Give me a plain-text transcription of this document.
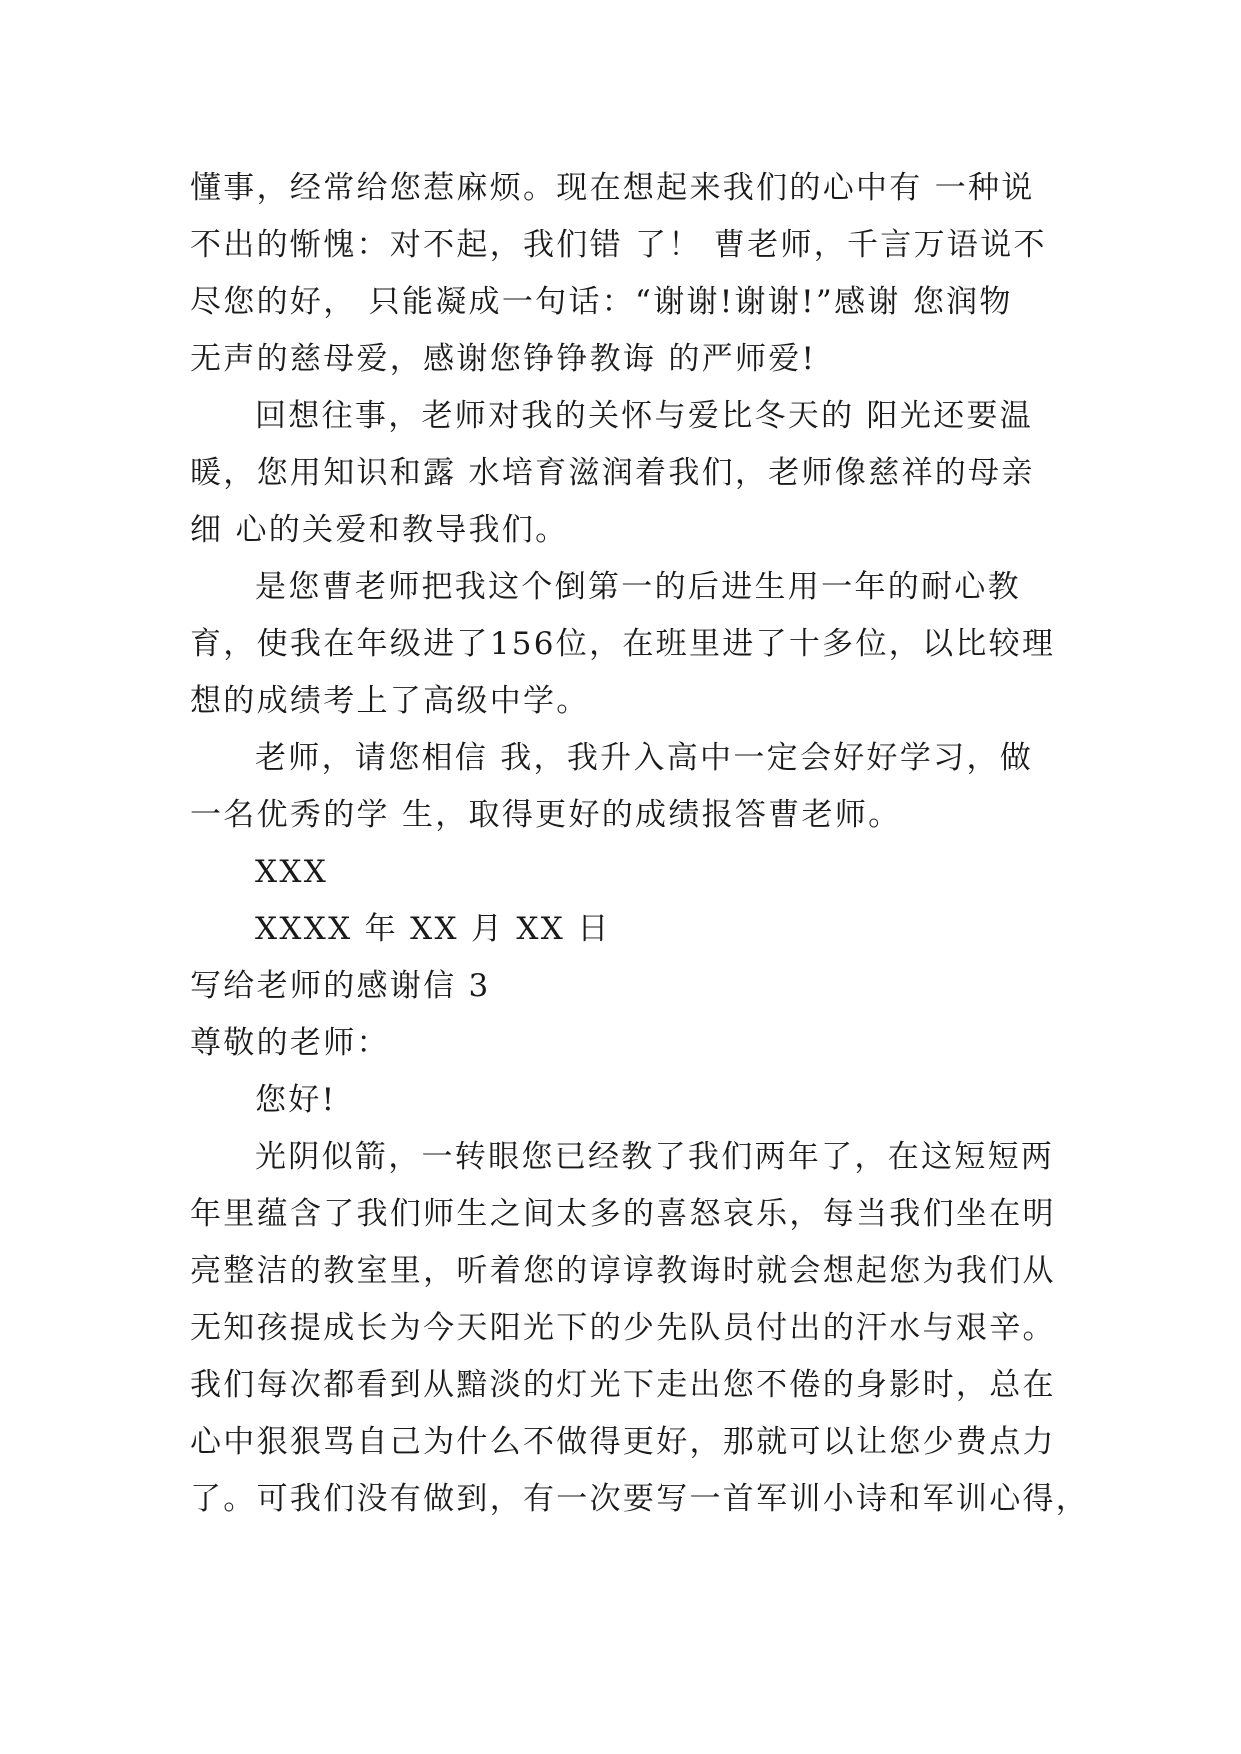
懂事，经常给您惹麻烦。现在想起来我们的心中有 一种说
不出的惭愧：对不起，我们错 了！ 曹老师，千言万语说不
尽您的好， 只能凝成一句话：“谢谢!谢谢!”感谢 您润物
无声的慈母爱，感谢您铮铮教诲 的严师爱!
回想往事，老师对我的关怀与爱比冬天的 阳光还要温
暖，您用知识和露 水培育滋润着我们，老师像慈祥的母亲
细 心的关爱和教导我们。
是您曹老师把我这个倒第一的后进生用一年的耐心教
育，使我在年级进了156位，在班里进了十多位，以比较理
想的成绩考上了高级中学。
老师，请您相信 我，我升入高中一定会好好学习，做
一名优秀的学 生，取得更好的成绩报答曹老师。
XXX
XXXX 年 XX 月 XX 日
写给老师的感谢信 3
尊敬的老师：
您好!
光阴似箭，一转眼您已经教了我们两年了，在这短短两
年里蕴含了我们师生之间太多的喜怒哀乐，每当我们坐在明
亮整洁的教室里，听着您的谆谆教诲时就会想起您为我们从
无知孩提成长为今天阳光下的少先队员付出的汗水与艰辛。
我们每次都看到从黯淡的灯光下走出您不倦的身影时，总在
心中狠狠骂自己为什么不做得更好，那就可以让您少费点力
了。可我们没有做到，有一次要写一首军训小诗和军训心得，
